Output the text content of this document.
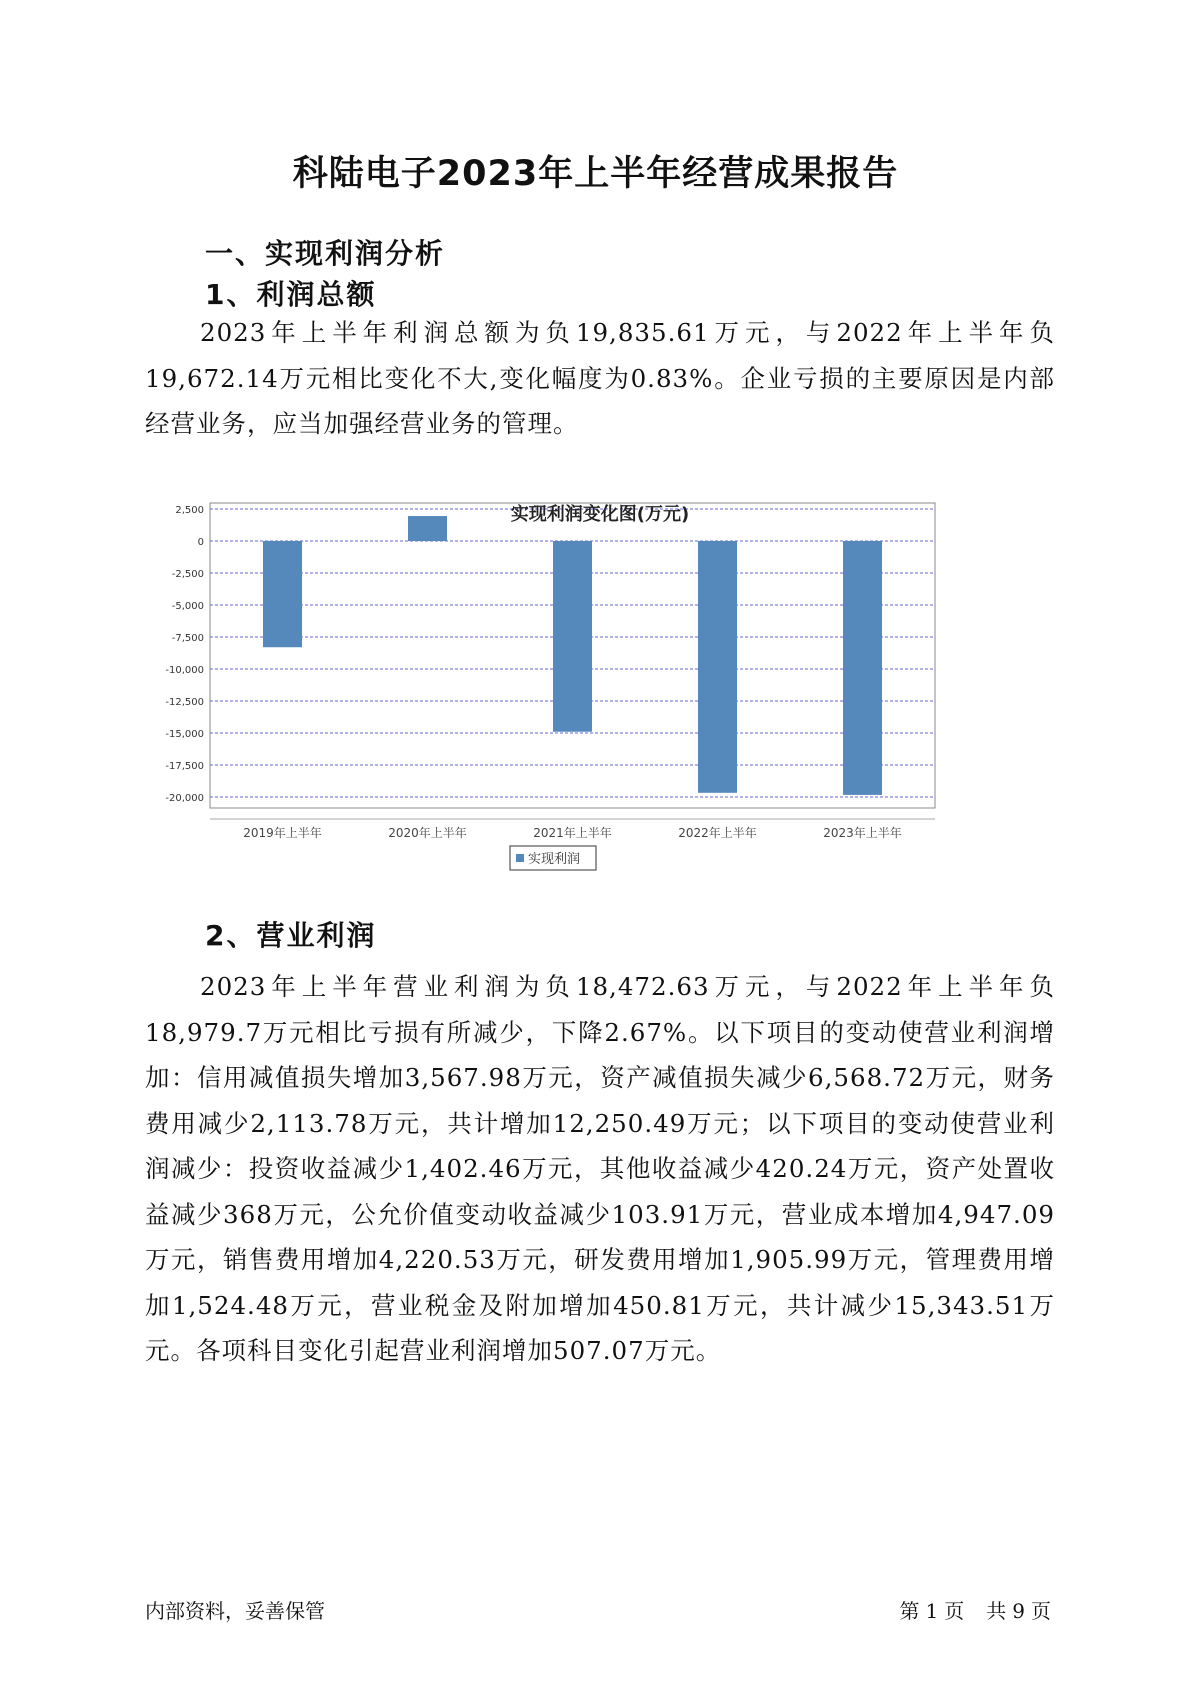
科陆电子2023年上半年经营成果报告
一、实现利润分析
1、利润总额
2023年上半年利润总额为负19,835.61万元，与2022年上半年负19,672.14万元相比变化不大,变化幅度为0.83%。企业亏损的主要原因是内部经营业务，应当加强经营业务的管理。
实现利润变化图(万元)
2,500
0
-2,500
-5,000
-7,500
-10,000
-12,500
-15,000
-17,500
-20,000
2019年上半年	2020年上半年	2021年上半年	2022年上半年	2023年上半年
实现利润
2、营业利润
2023年上半年营业利润为负18,472.63万元，与2022年上半年负18,979.7万元相比亏损有所减少，下降2.67%。以下项目的变动使营业利润增加：信用减值损失增加3,567.98万元，资产减值损失减少6,568.72万元，财务费用减少2,113.78万元，共计增加12,250.49万元；以下项目的变动使营业利润减少：投资收益减少1,402.46万元，其他收益减少420.24万元，资产处置收益减少368万元，公允价值变动收益减少103.91万元，营业成本增加4,947.09万元，销售费用增加4,220.53万元，研发费用增加1,905.99万元，管理费用增加1,524.48万元，营业税金及附加增加450.81万元，共计减少15,343.51万元。各项科目变化引起营业利润增加507.07万元。
内部资料，妥善保管	第 1 页 共 9 页
